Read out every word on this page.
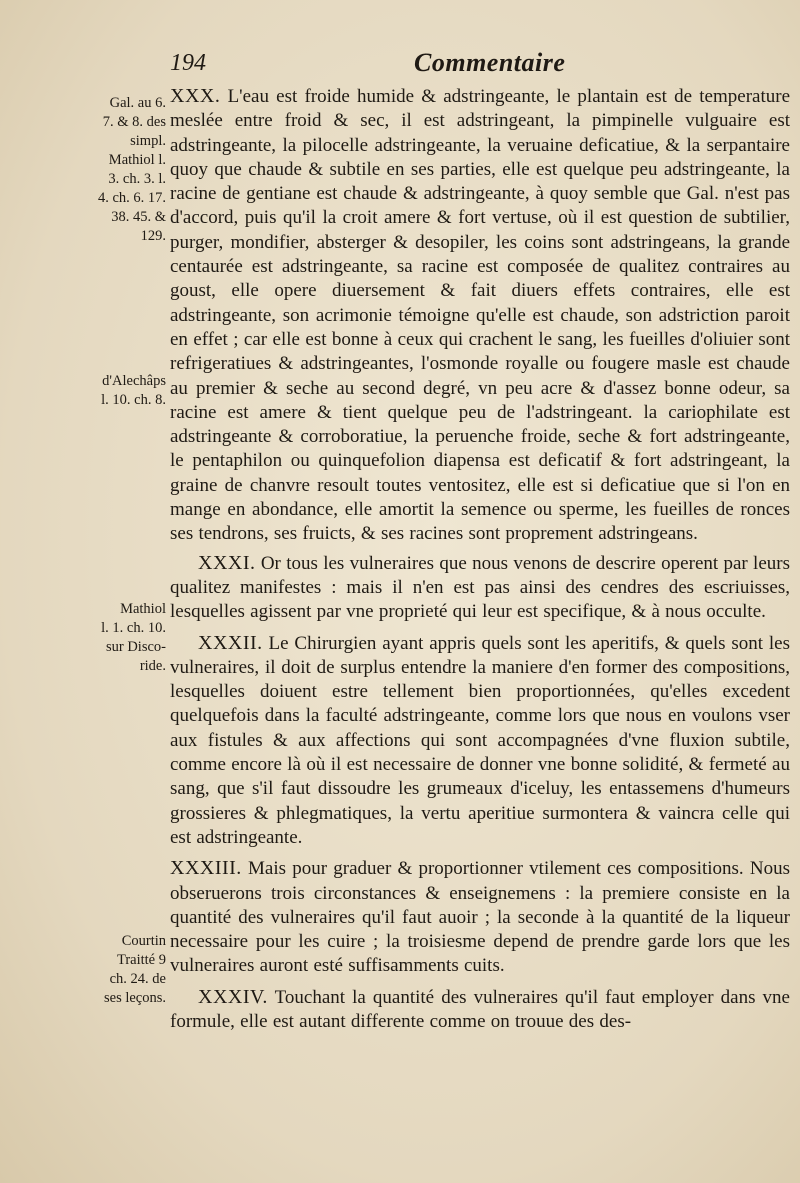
194	Commentaire
Gal. au 6.
7. & 8. des
simpl.
Mathiol l.
3. ch. 3. l.
4. ch. 6. 17.
38. 45. &
129.
d'Alechâps
l. 10. ch. 8.
Mathiol
l. 1. ch. 10.
sur Disco-
ride.
Courtin
Traitté 9
ch. 24. de
ses leçons.

XXX. L'eau est froide humide & adstringeante, le plantain est de temperature meslée entre froid & sec, il est adstringeant, la pimpinelle vulguaire est adstringeante, la pilocelle adstringeante, la veruaine deficatiue, & la serpantaire quoy que chaude & subtile en ses parties, elle est quelque peu adstringeante, la racine de gentiane est chaude & adstringeante, à quoy semble que Gal. n'est pas d'accord, puis qu'il la croit amere & fort vertuse, où il est question de subtilier, purger, mondifier, absterger & desopiler, les coins sont adstringeans, la grande centaurée est adstringeante, sa racine est composée de qualitez contraires au goust, elle opere diuersement & fait diuers effets contraires, elle est adstringeante, son acrimonie témoigne qu'elle est chaude, son adstriction paroit en effet ; car elle est bonne à ceux qui crachent le sang, les fueilles d'oliuier sont refrigeratiues & adstringeantes, l'osmonde royalle ou fougere masle est chaude au premier & seche au second degré, vn peu acre & d'assez bonne odeur, sa racine est amere & tient quelque peu de l'adstringeant. la cariophilate est adstringeante & corroboratiue, la peruenche froide, seche & fort adstringeante, le pentaphilon ou quinquefolion diapensa est deficatif & fort adstringeant, la graine de chanvre resoult toutes ventositez, elle est si deficatiue que si l'on en mange en abondance, elle amortit la semence ou sperme, les fueilles de ronces ses tendrons, ses fruicts, & ses racines sont proprement adstringeans.

XXXI. Or tous les vulneraires que nous venons de descrire operent par leurs qualitez manifestes : mais il n'en est pas ainsi des cendres des escriuisses, lesquelles agissent par vne proprieté qui leur est specifique, & à nous occulte.

XXXII. Le Chirurgien ayant appris quels sont les aperitifs, & quels sont les vulneraires, il doit de surplus entendre la maniere d'en former des compositions, lesquelles doiuent estre tellement bien proportionnées, qu'elles excedent quelquefois dans la faculté adstringeante, comme lors que nous en voulons vser aux fistules & aux affections qui sont accompagnées d'vne fluxion subtile, comme encore là où il est necessaire de donner vne bonne solidité, & fermeté au sang, que s'il faut dissoudre les grumeaux d'iceluy, les entassemens d'humeurs grossieres & phlegmatiques, la vertu aperitiue surmontera & vaincra celle qui est adstringeante.

XXXIII. Mais pour graduer & proportionner vtilement ces compositions. Nous obseruerons trois circonstances & enseignemens : la premiere consiste en la quantité des vulneraires qu'il faut auoir ; la seconde à la quantité de la liqueur necessaire pour les cuire ; la troisiesme depend de prendre garde lors que les vulneraires auront esté suffisamments cuits.

XXXIV. Touchant la quantité des vulneraires qu'il faut employer dans vne formule, elle est autant differente comme on trouue des des-
